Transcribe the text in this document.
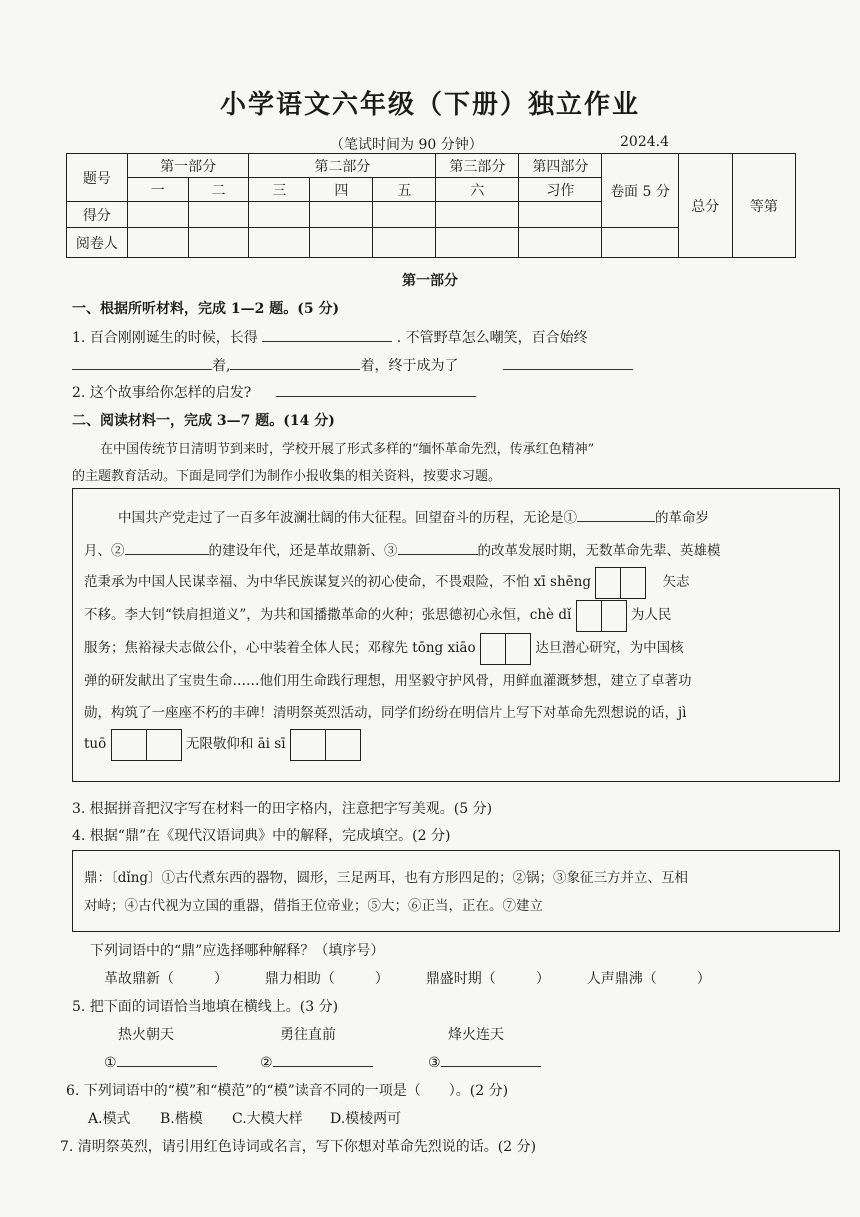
小学语文六年级（下册）独立作业
（笔试时间为 90 分钟）	2024.4
题号	第一部分		第二部分			第三部分	第四部分	卷面 5 分	总分	等第
	一	二	三	四	五	六	习作			
得分										
阅卷人										
第一部分
一、根据所听材料，完成 1—2 题。(5 分)
1. 百合刚刚诞生的时候，长得	. 不管野草怎么嘲笑，百合始终
着,	着，终于成为了
2. 这个故事给你怎样的启发?
二、阅读材料一，完成 3—7 题。(14 分)
在中国传统节日清明节到来时，学校开展了形式多样的“缅怀革命先烈，传承红色精神”
的主题教育活动。下面是同学们为制作小报收集的相关资料，按要求习题。
中国共产党走过了一百多年波澜壮阔的伟大征程。回望奋斗的历程，无论是①	的革命岁
月、②	的建设年代，还是革故鼎新、③	的改革发展时期，无数革命先辈、英雄模
范秉承为中国人民谋幸福、为中华民族谋复兴的初心使命，不畏艰险，不怕 xī shēng	矢志
不移。李大钊“铁肩担道义”，为共和国播撒革命的火种；张思德初心永恒，chè dǐ	为人民
服务；焦裕禄夫志做公仆，心中装着全体人民；邓稼先 tōng xiāo	达旦潜心研究，为中国核
弹的研发献出了宝贵生命……他们用生命践行理想，用坚毅守护风骨，用鲜血灌溉梦想，建立了卓著功
勋，构筑了一座座不朽的丰碑！清明祭英烈活动，同学们纷纷在明信片上写下对革命先烈想说的话，jì
tuō	无限敬仰和 āi sī
3. 根据拼音把汉字写在材料一的田字格内，注意把字写美观。(5 分)
4. 根据“鼎”在《现代汉语词典》中的解释，完成填空。(2 分)
鼎：〔dǐng〕①古代煮东西的器物，圆形，三足两耳，也有方形四足的；②锅；③象征三方并立、互相
对峙；④古代视为立国的重器，借指王位帝业；⑤大；⑥正当，正在。⑦建立
下列词语中的“鼎”应选择哪种解释？（填序号）
革故鼎新（	）	鼎力相助（	）	鼎盛时期（	）	人声鼎沸（	）
5. 把下面的词语恰当地填在横线上。(3 分)
热火朝天	勇往直前	烽火连天
①	②	③
6. 下列词语中的“模”和“模范”的“模”读音不同的一项是（　　）。(2 分)
A.模式 B.楷模 C.大模大样 D.模棱两可
7. 清明祭英烈，请引用红色诗词或名言，写下你想对革命先烈说的话。(2 分)
